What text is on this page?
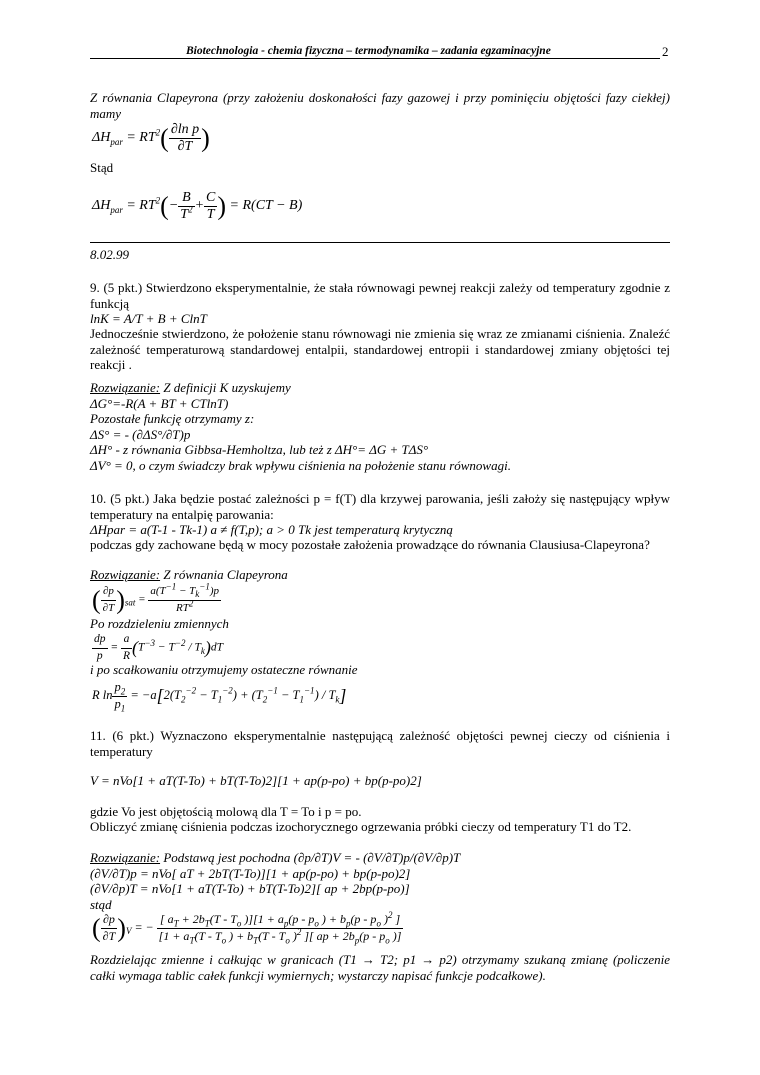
Biotechnologia - chemia fizyczna – termodynamika – zadania egzaminacyjne	2
Z równania Clapeyrona (przy założeniu doskonałości fazy gazowej i przy pominięciu objętości fazy ciekłej) mamy
$\Delta H_{par} = RT^2( \frac{\text{∂ln p}}{\partial T}$ )
Stąd
$\Delta H_{par} = RT^2(- \frac{B}{T^2} + \frac{C}{T}$ ) = R(CT − B)
8.02.99
9. (5 pkt.) Stwierdzono eksperymentalnie, że stała równowagi pewnej reakcji zależy od temperatury zgodnie z funkcją
lnK = A/T + B + ClnT
Jednocześnie stwierdzono, że położenie stanu równowagi nie zmienia się wraz ze zmianami ciśnienia. Znaleźć zależność temperaturową standardowej entalpii, standardowej entropii i standardowej zmiany objętości tej reakcji .
Rozwiązanie: Z definicji K uzyskujemy
ΔG°=-R(A + BT + CTlnT)
Pozostałe funkcję otrzymamy z:
ΔS° = - (∂ΔS°/∂T)p
ΔH° - z równania Gibbsa-Hemholtza, lub też z ΔH°= ΔG + TΔS°
ΔV° = 0, o czym świadczy brak wpływu ciśnienia na położenie stanu równowagi.
10. (5 pkt.) Jaka będzie postać zależności p = f(T) dla krzywej parowania, jeśli założy się następujący wpływ temperatury na entalpię parowania:
ΔHpar = a(T-1 - Tk-1) a ≠ f(T,p); a > 0 Tk jest temperaturą krytyczną
podczas gdy zachowane będą w mocy pozostałe założenia prowadzące do równania Clausiusa-Clapeyrona?
Rozwiązanie: Z równania Clapeyrona
( $\frac{\partial p}{\partial T} )_{sat} = \frac{a(T^{-1} - T_k^{-1})p}{RT^2}$
Po rozdzieleniu zmiennych
$\frac{dp}{p} = \frac{a}{R} (T^{-3} - T^{-2} / T_k)dT$
i po scałkowaniu otrzymujemy ostateczne równanie
R $\ln \frac{p_2}{p_1} = -a[2(T_2^{-2} - T_1^{-2}) + (T_2^{-1} - T_1^{-1}) / T_k]$
11. (6 pkt.) Wyznaczono eksperymentalnie następującą zależność objętości pewnej cieczy od ciśnienia i temperatury
V = nVo[1 + aT(T-To) + bT(T-To)2][1 + ap(p-po) + bp(p-po)2]
gdzie Vo jest objętością molową dla T = To i p = po.
Obliczyć zmianę ciśnienia podczas izochorycznego ogrzewania próbki cieczy od temperatury T1 do T2.
Rozwiązanie: Podstawą jest pochodna (∂p/∂T)V = - (∂V/∂T)p/(∂V/∂p)T
(∂V/∂T)p = nVo[ aT + 2bT(T-To)][1 + ap(p-po) + bp(p-po)2]
(∂V/∂p)T = nVo[1 + aT(T-To) + bT(T-To)2][ ap + 2bp(p-po)]
stąd
( $\frac{\partial p}{\partial T} )_V$ = − $\frac{[ a_T + 2b_T(T - T_o )][1 + a_p(p - p_o ) + b_p(p - p_o )^2 ]}{[1 + a_T(T - T_o ) + b_T(T - T_o )^2 ][ ap + 2b_p(p - p_o )]}$
Rozdzielając zmienne i całkując w granicach (T1 → T2; p1 → p2) otrzymamy szukaną zmianę (policzenie całki wymaga tablic całek funkcji wymiernych; wystarczy napisać funkcje podcałkowe).
